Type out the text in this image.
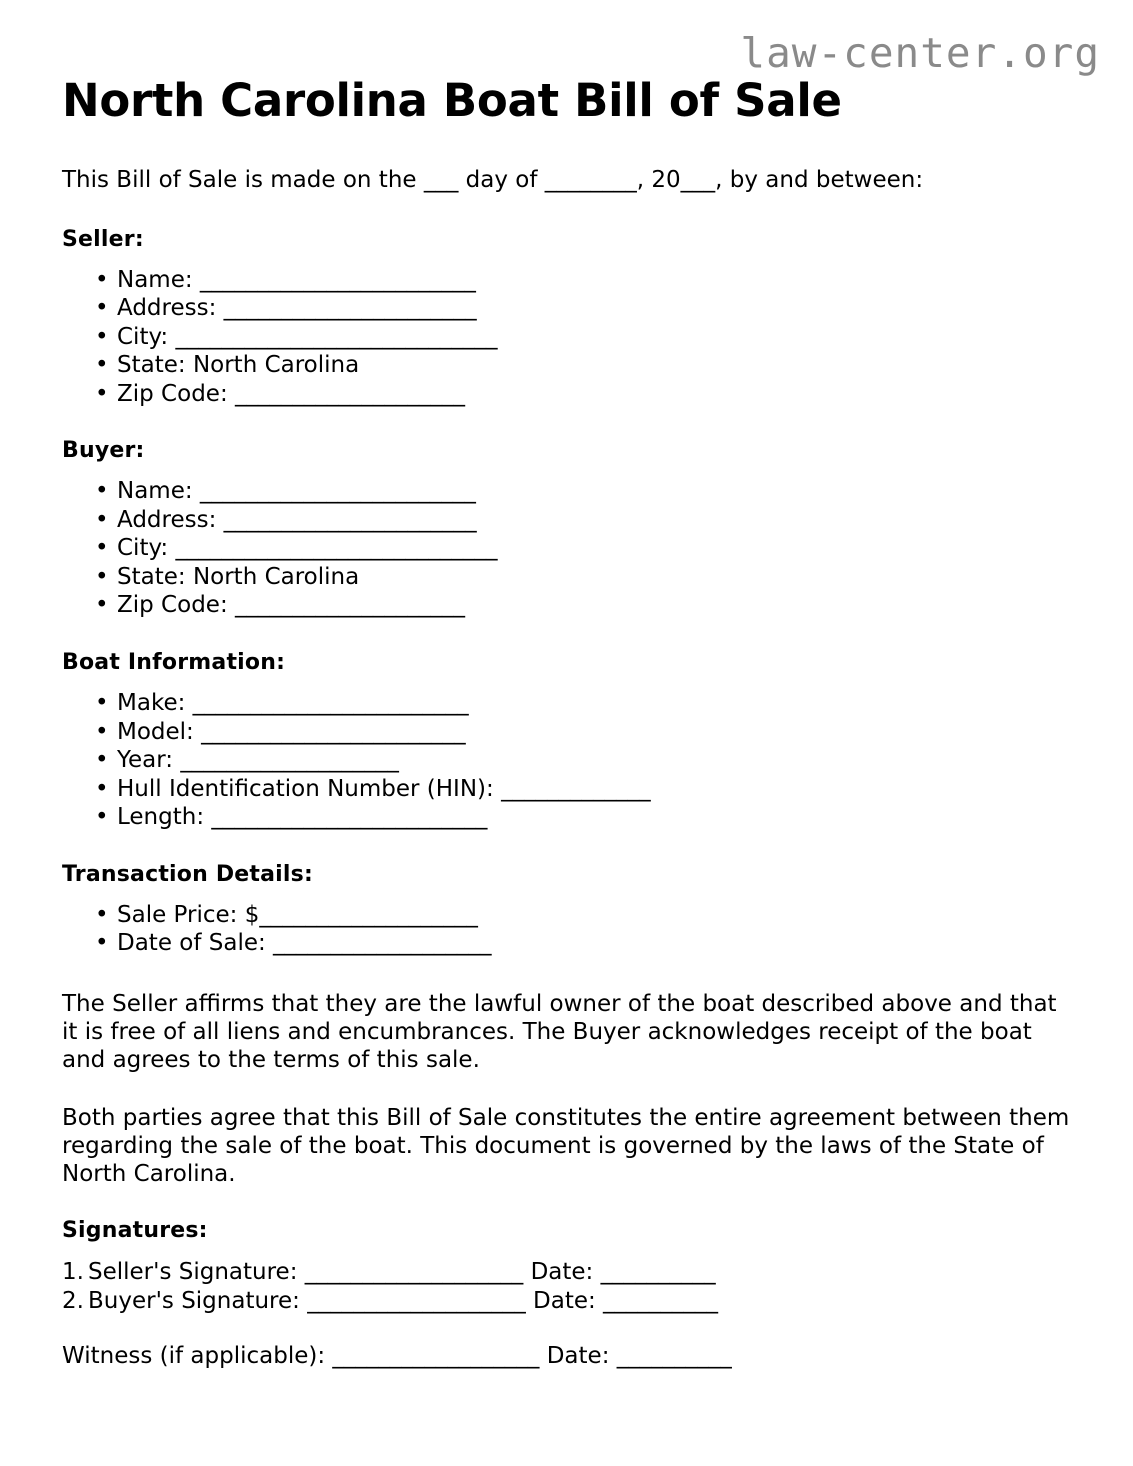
law-center.org
North Carolina Boat Bill of Sale

This Bill of Sale is made on the ___ day of ________, 20___, by and between:

Seller:
• Name: ________________________
• Address: ______________________
• City: ____________________________
• State: North Carolina
• Zip Code: ____________________
Buyer:
• Name: ________________________
• Address: ______________________
• City: ____________________________
• State: North Carolina
• Zip Code: ____________________
Boat Information:
• Make: ________________________
• Model: _______________________
• Year: ___________________
• Hull Identification Number (HIN): _____________
• Length: ________________________
Transaction Details:
• Sale Price: $___________________
• Date of Sale: ___________________

The Seller affirms that they are the lawful owner of the boat described above and that it is free of all liens and encumbrances. The Buyer acknowledges receipt of the boat and agrees to the terms of this sale.

Both parties agree that this Bill of Sale constitutes the entire agreement between them regarding the sale of the boat. This document is governed by the laws of the State of North Carolina.

Signatures:
Seller's Signature: ___________________ Date: __________
Buyer's Signature: ___________________ Date: __________

Witness (if applicable): __________________ Date: __________
